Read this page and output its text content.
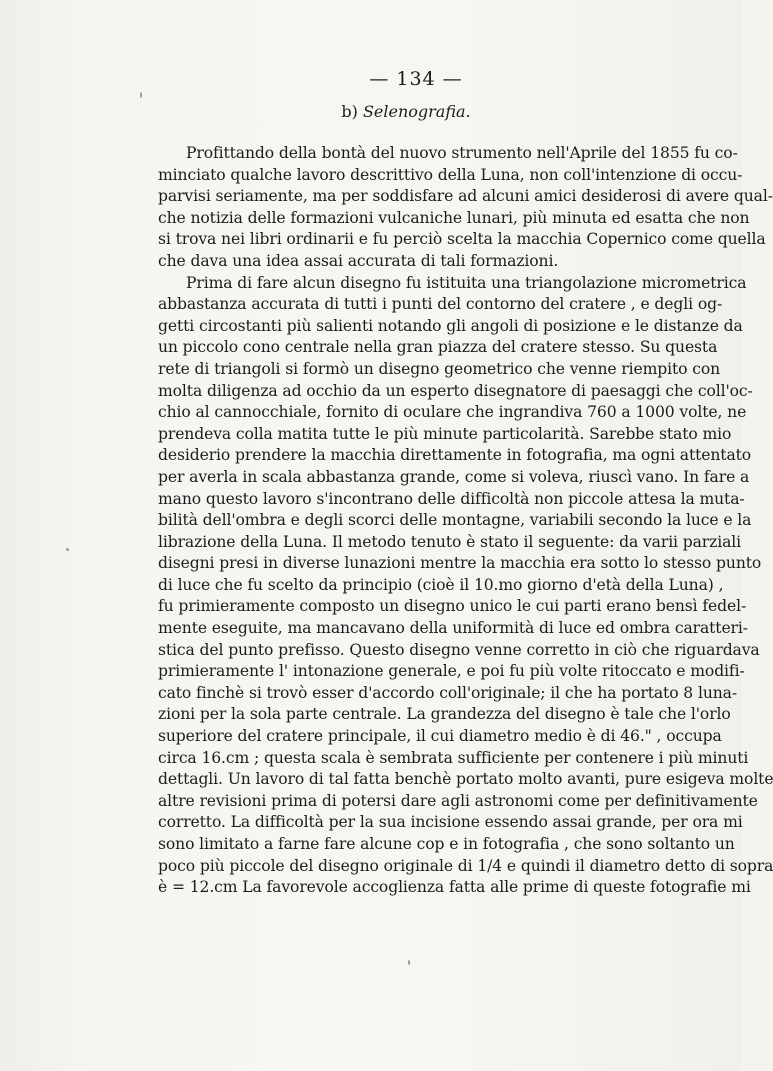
— 134 —
b) Selenografia.
Profittando della bontà del nuovo strumento nell'Aprile del 1855 fu co-
minciato qualche lavoro descrittivo della Luna, non coll'intenzione di occu-
parvisi seriamente, ma per soddisfare ad alcuni amici desiderosi di avere qual-
che notizia delle formazioni vulcaniche lunari, più minuta ed esatta che non
si trova nei libri ordinarii e fu perciò scelta la macchia Copernico come quella
che dava una idea assai accurata di tali formazioni.
Prima di fare alcun disegno fu istituita una triangolazione micrometrica
abbastanza accurata di tutti i punti del contorno del cratere , e degli og-
getti circostanti più salienti notando gli angoli di posizione e le distanze da
un piccolo cono centrale nella gran piazza del cratere stesso. Su questa
rete di triangoli si formò un disegno geometrico che venne riempito con
molta diligenza ad occhio da un esperto disegnatore di paesaggi che coll'oc-
chio al cannocchiale, fornito di oculare che ingrandiva 760 a 1000 volte, ne
prendeva colla matita tutte le più minute particolarità. Sarebbe stato mio
desiderio prendere la macchia direttamente in fotografia, ma ogni attentato
per averla in scala abbastanza grande, come si voleva, riuscì vano. In fare a
mano questo lavoro s'incontrano delle difficoltà non piccole attesa la muta-
bilità dell'ombra e degli scorci delle montagne, variabili secondo la luce e la
librazione della Luna. Il metodo tenuto è stato il seguente: da varii parziali
disegni presi in diverse lunazioni mentre la macchia era sotto lo stesso punto
di luce che fu scelto da principio (cioè il 10.mo giorno d'età della Luna) ,
fu primieramente composto un disegno unico le cui parti erano bensì fedel-
mente eseguite, ma mancavano della uniformità di luce ed ombra caratteri-
stica del punto prefisso. Questo disegno venne corretto in ciò che riguardava
primieramente l' intonazione generale, e poi fu più volte ritoccato e modifi-
cato finchè si trovò esser d'accordo coll'originale; il che ha portato 8 luna-
zioni per la sola parte centrale. La grandezza del disegno è tale che l'orlo
superiore del cratere principale, il cui diametro medio è di 46." , occupa
circa 16.cm ; questa scala è sembrata sufficiente per contenere i più minuti
dettagli. Un lavoro di tal fatta benchè portato molto avanti, pure esigeva molte
altre revisioni prima di potersi dare agli astronomi come per definitivamente
corretto. La difficoltà per la sua incisione essendo assai grande, per ora mi
sono limitato a farne fare alcune cop e in fotografia , che sono soltanto un
poco più piccole del disegno originale di 1/4 e quindi il diametro detto di sopra
è = 12.cm La favorevole accoglienza fatta alle prime di queste fotografie mi
